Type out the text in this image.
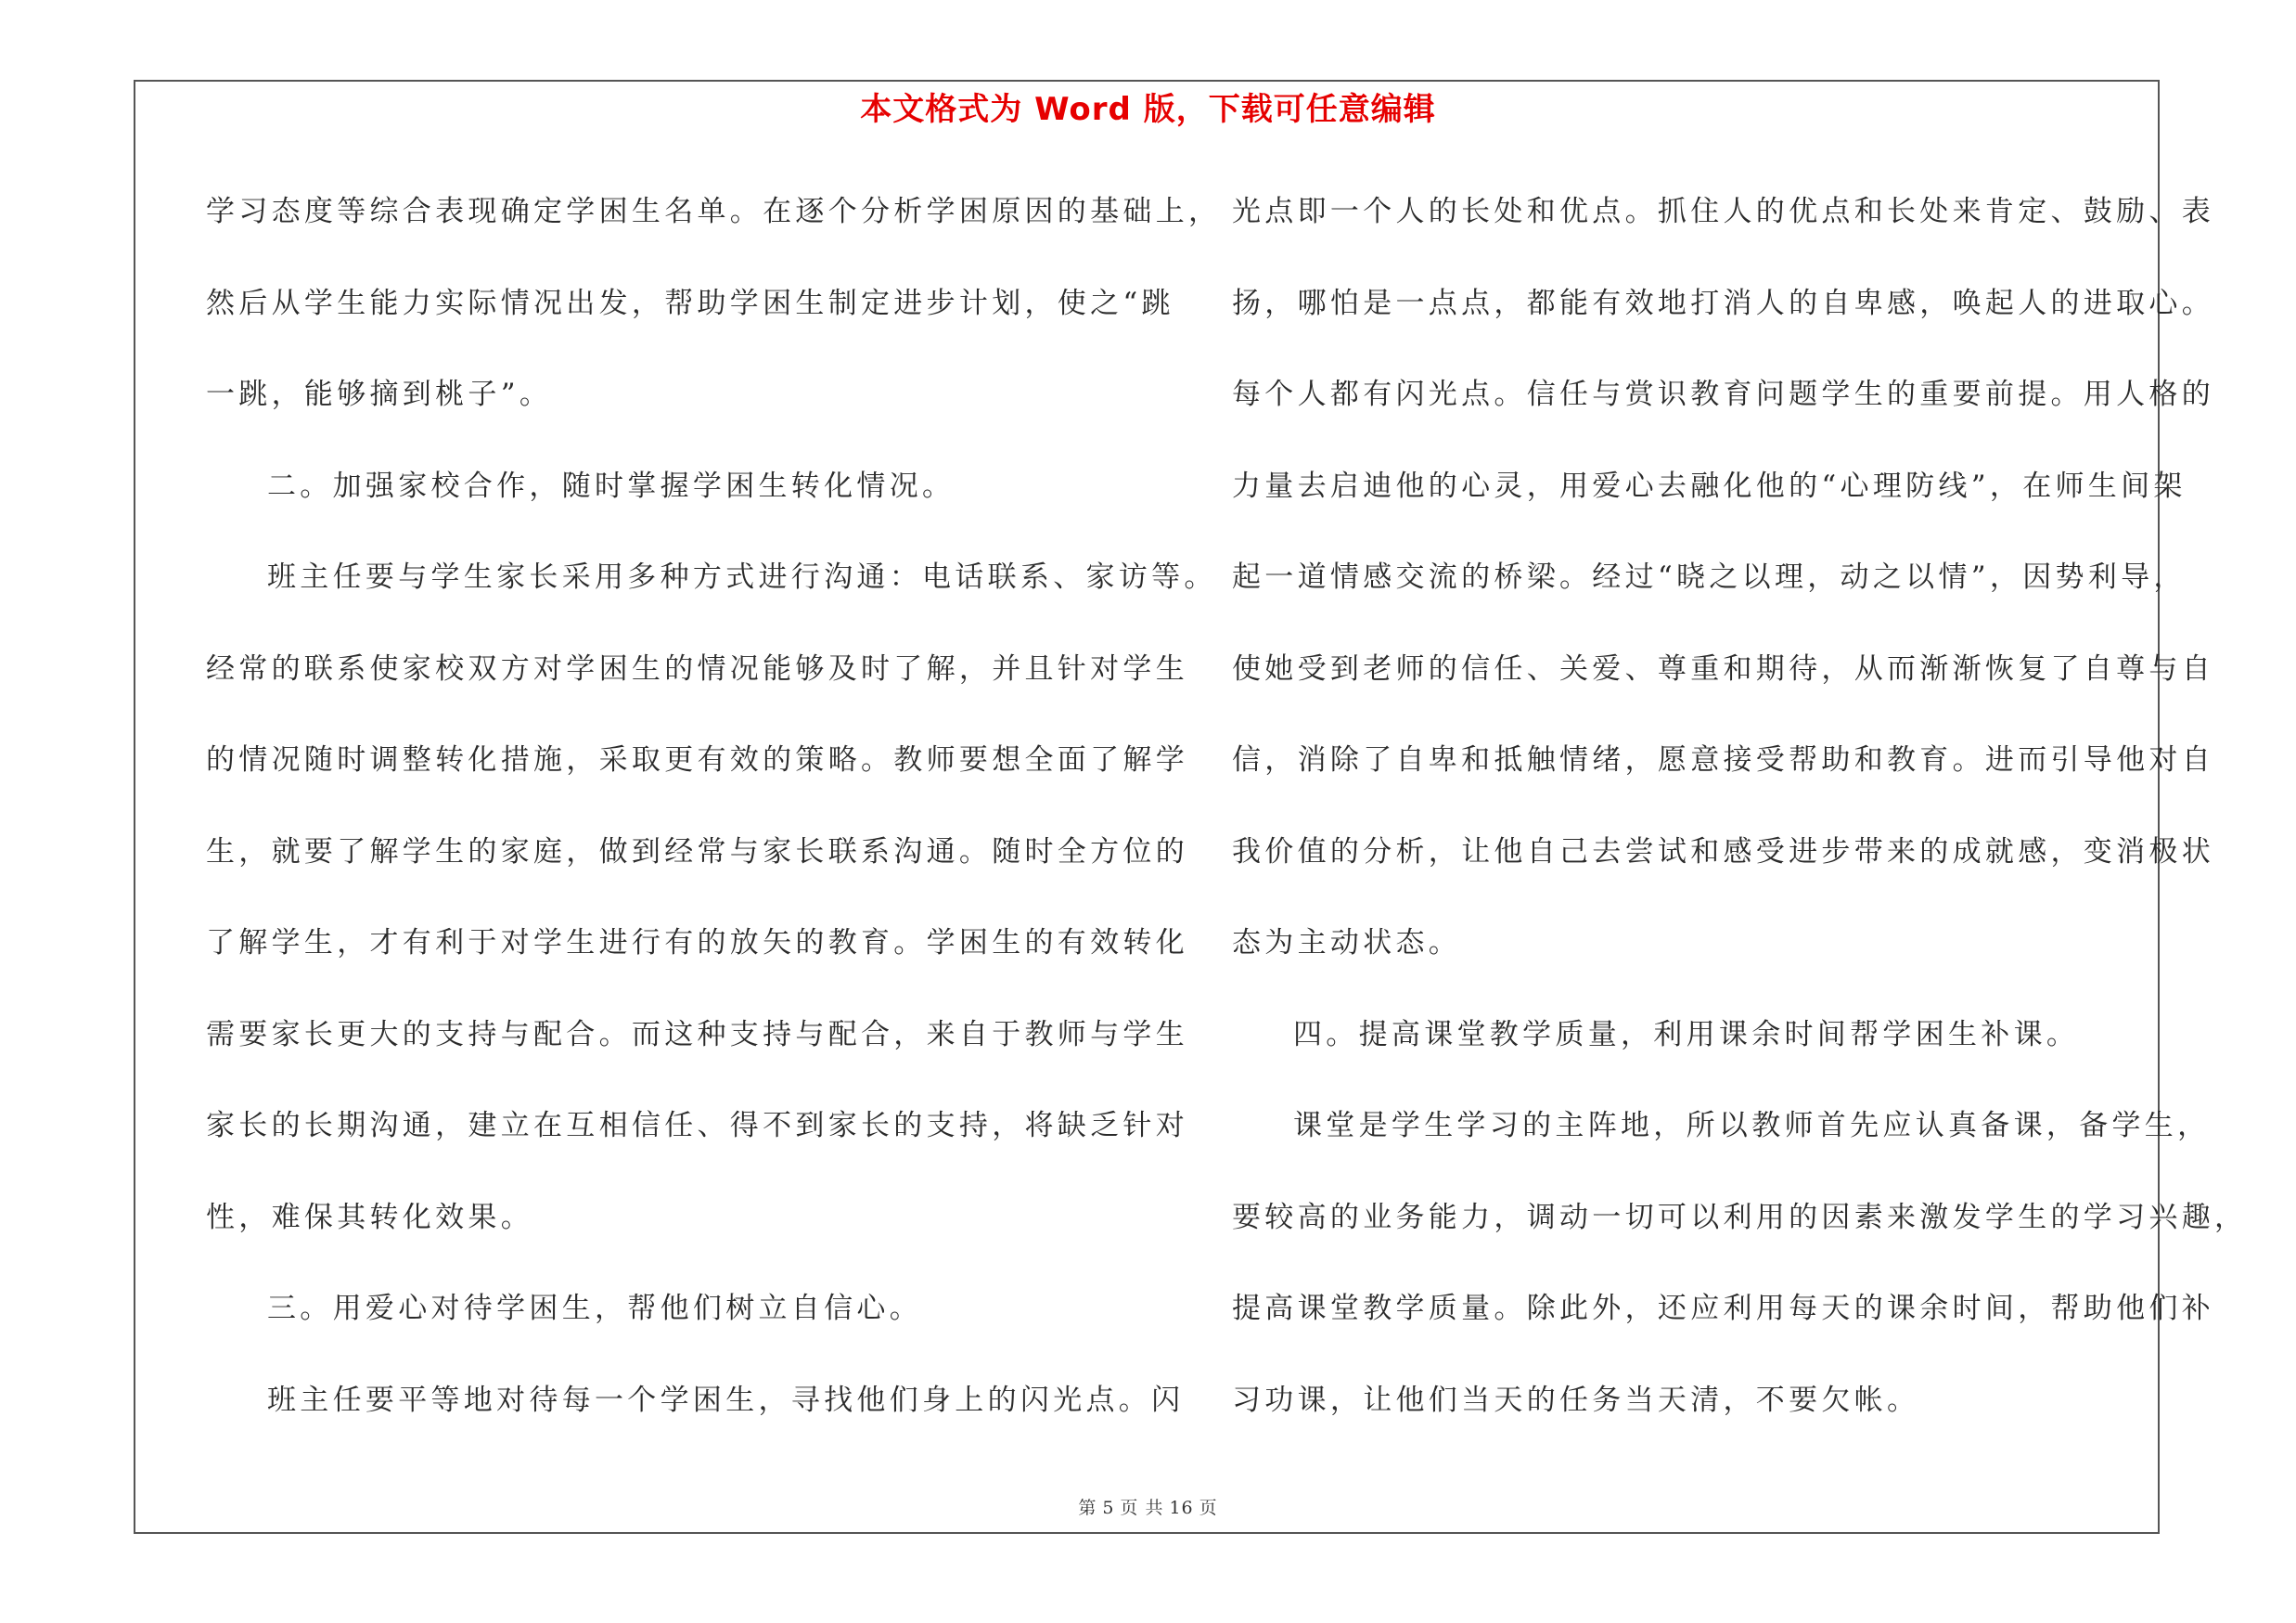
本文格式为 Word 版，下载可任意编辑
学习态度等综合表现确定学困生名单。在逐个分析学困原因的基础上，
然后从学生能力实际情况出发，帮助学困生制定进步计划，使之“跳
一跳，能够摘到桃子”。
二。加强家校合作，随时掌握学困生转化情况。
班主任要与学生家长采用多种方式进行沟通：电话联系、家访等。
经常的联系使家校双方对学困生的情况能够及时了解，并且针对学生
的情况随时调整转化措施，采取更有效的策略。教师要想全面了解学
生，就要了解学生的家庭，做到经常与家长联系沟通。随时全方位的
了解学生，才有利于对学生进行有的放矢的教育。学困生的有效转化
需要家长更大的支持与配合。而这种支持与配合，来自于教师与学生
家长的长期沟通，建立在互相信任、得不到家长的支持，将缺乏针对
性，难保其转化效果。
三。用爱心对待学困生，帮他们树立自信心。
班主任要平等地对待每一个学困生，寻找他们身上的闪光点。闪
光点即一个人的长处和优点。抓住人的优点和长处来肯定、鼓励、表
扬，哪怕是一点点，都能有效地打消人的自卑感，唤起人的进取心。
每个人都有闪光点。信任与赏识教育问题学生的重要前提。用人格的
力量去启迪他的心灵，用爱心去融化他的“心理防线”，在师生间架
起一道情感交流的桥梁。经过“晓之以理，动之以情”，因势利导，
使她受到老师的信任、关爱、尊重和期待，从而渐渐恢复了自尊与自
信，消除了自卑和抵触情绪，愿意接受帮助和教育。进而引导他对自
我价值的分析，让他自己去尝试和感受进步带来的成就感，变消极状
态为主动状态。
四。提高课堂教学质量，利用课余时间帮学困生补课。
课堂是学生学习的主阵地，所以教师首先应认真备课，备学生，
要较高的业务能力，调动一切可以利用的因素来激发学生的学习兴趣，
提高课堂教学质量。除此外，还应利用每天的课余时间，帮助他们补
习功课，让他们当天的任务当天清，不要欠帐。
第 5 页 共 16 页
